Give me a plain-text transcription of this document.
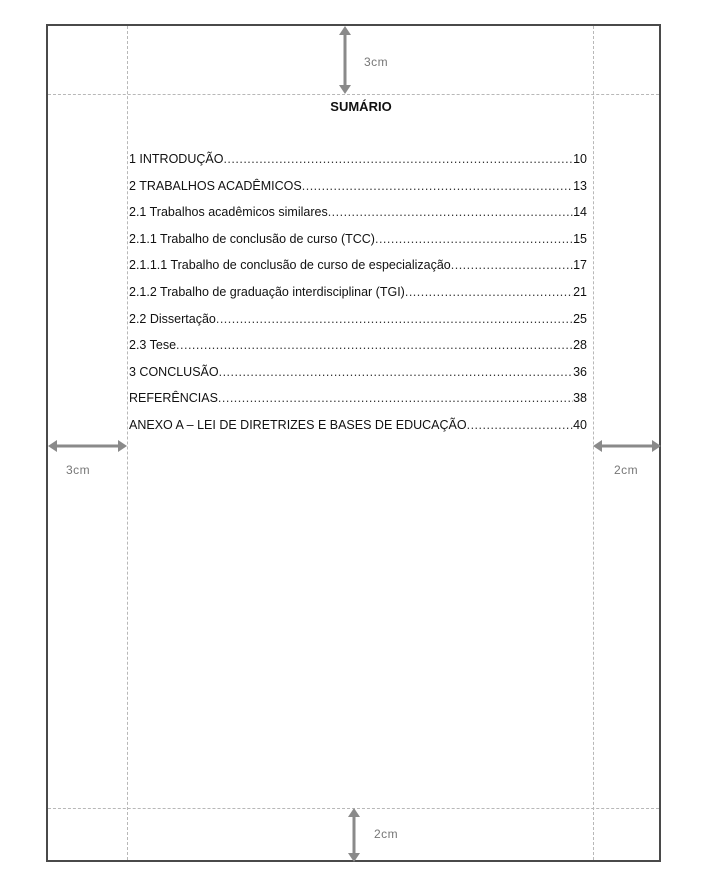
3cm
2cm
3cm	2cm
SUMÁRIO
1 INTRODUÇÃO .....	10
2 TRABALHOS ACADÊMICOS .....	13
2.1 Trabalhos acadêmicos similares .....	14
2.1.1 Trabalho de conclusão de curso (TCC) .....	15
2.1.1.1 Trabalho de conclusão de curso de especialização .....	17
2.1.2 Trabalho de graduação interdisciplinar (TGI) .....	21
2.2 Dissertação .....	25
2.3 Tese .....	28
3 CONCLUSÃO .....	36
REFERÊNCIAS .....	38
ANEXO A – LEI DE DIRETRIZES E BASES DE EDUCAÇÃO .....	40
